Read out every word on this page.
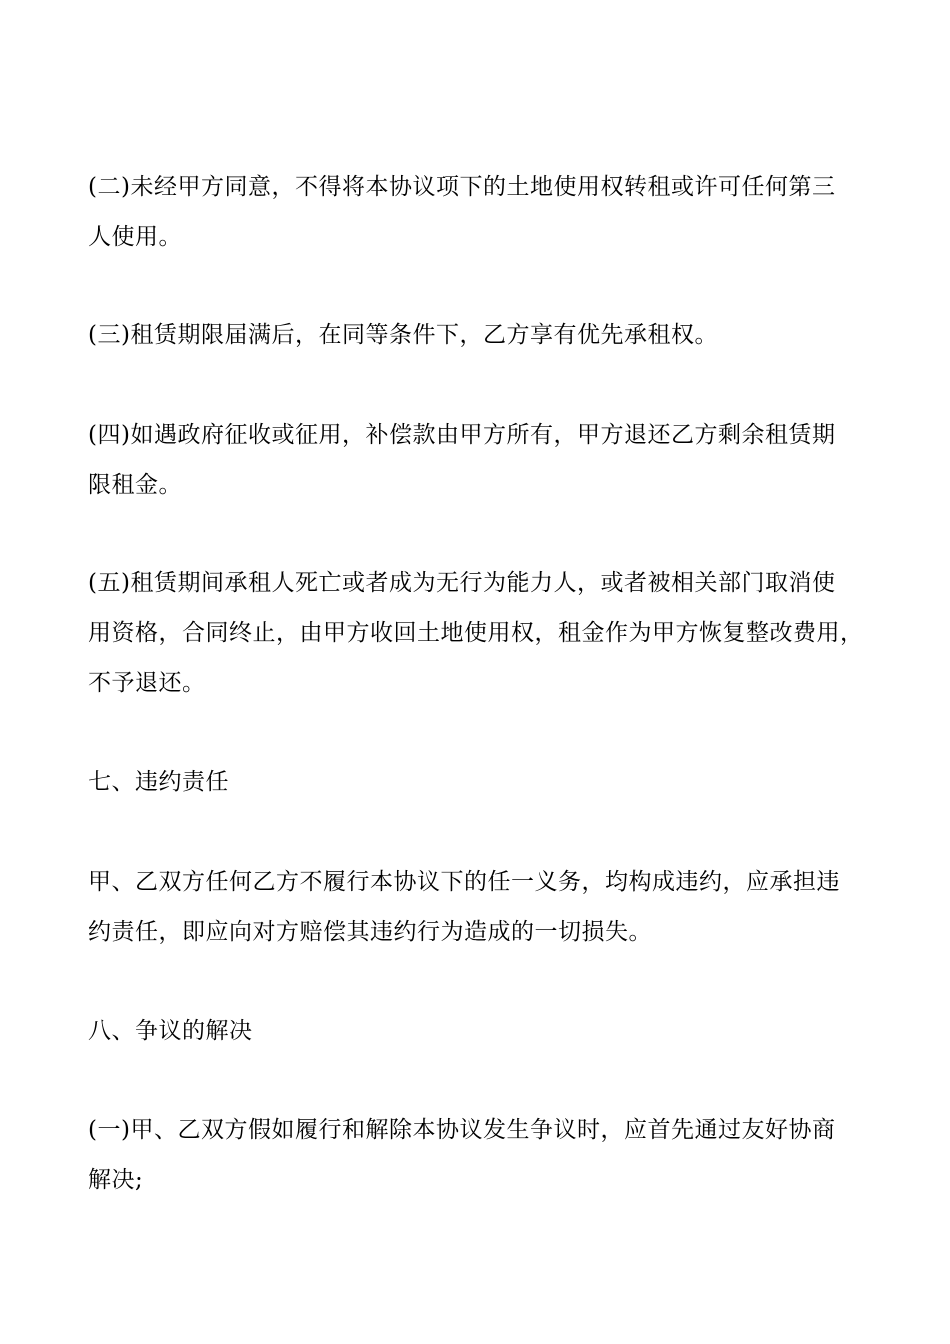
(二)未经甲方同意，不得将本协议项下的土地使用权转租或许可任何第三
人使用。

(三)租赁期限届满后，在同等条件下，乙方享有优先承租权。

(四)如遇政府征收或征用，补偿款由甲方所有，甲方退还乙方剩余租赁期
限租金。

(五)租赁期间承租人死亡或者成为无行为能力人，或者被相关部门取消使
用资格，合同终止，由甲方收回土地使用权，租金作为甲方恢复整改费用，
不予退还。

七、违约责任

甲、乙双方任何乙方不履行本协议下的任一义务，均构成违约，应承担违
约责任，即应向对方赔偿其违约行为造成的一切损失。

八、争议的解决

(一)甲、乙双方假如履行和解除本协议发生争议时，应首先通过友好协商
解决;
